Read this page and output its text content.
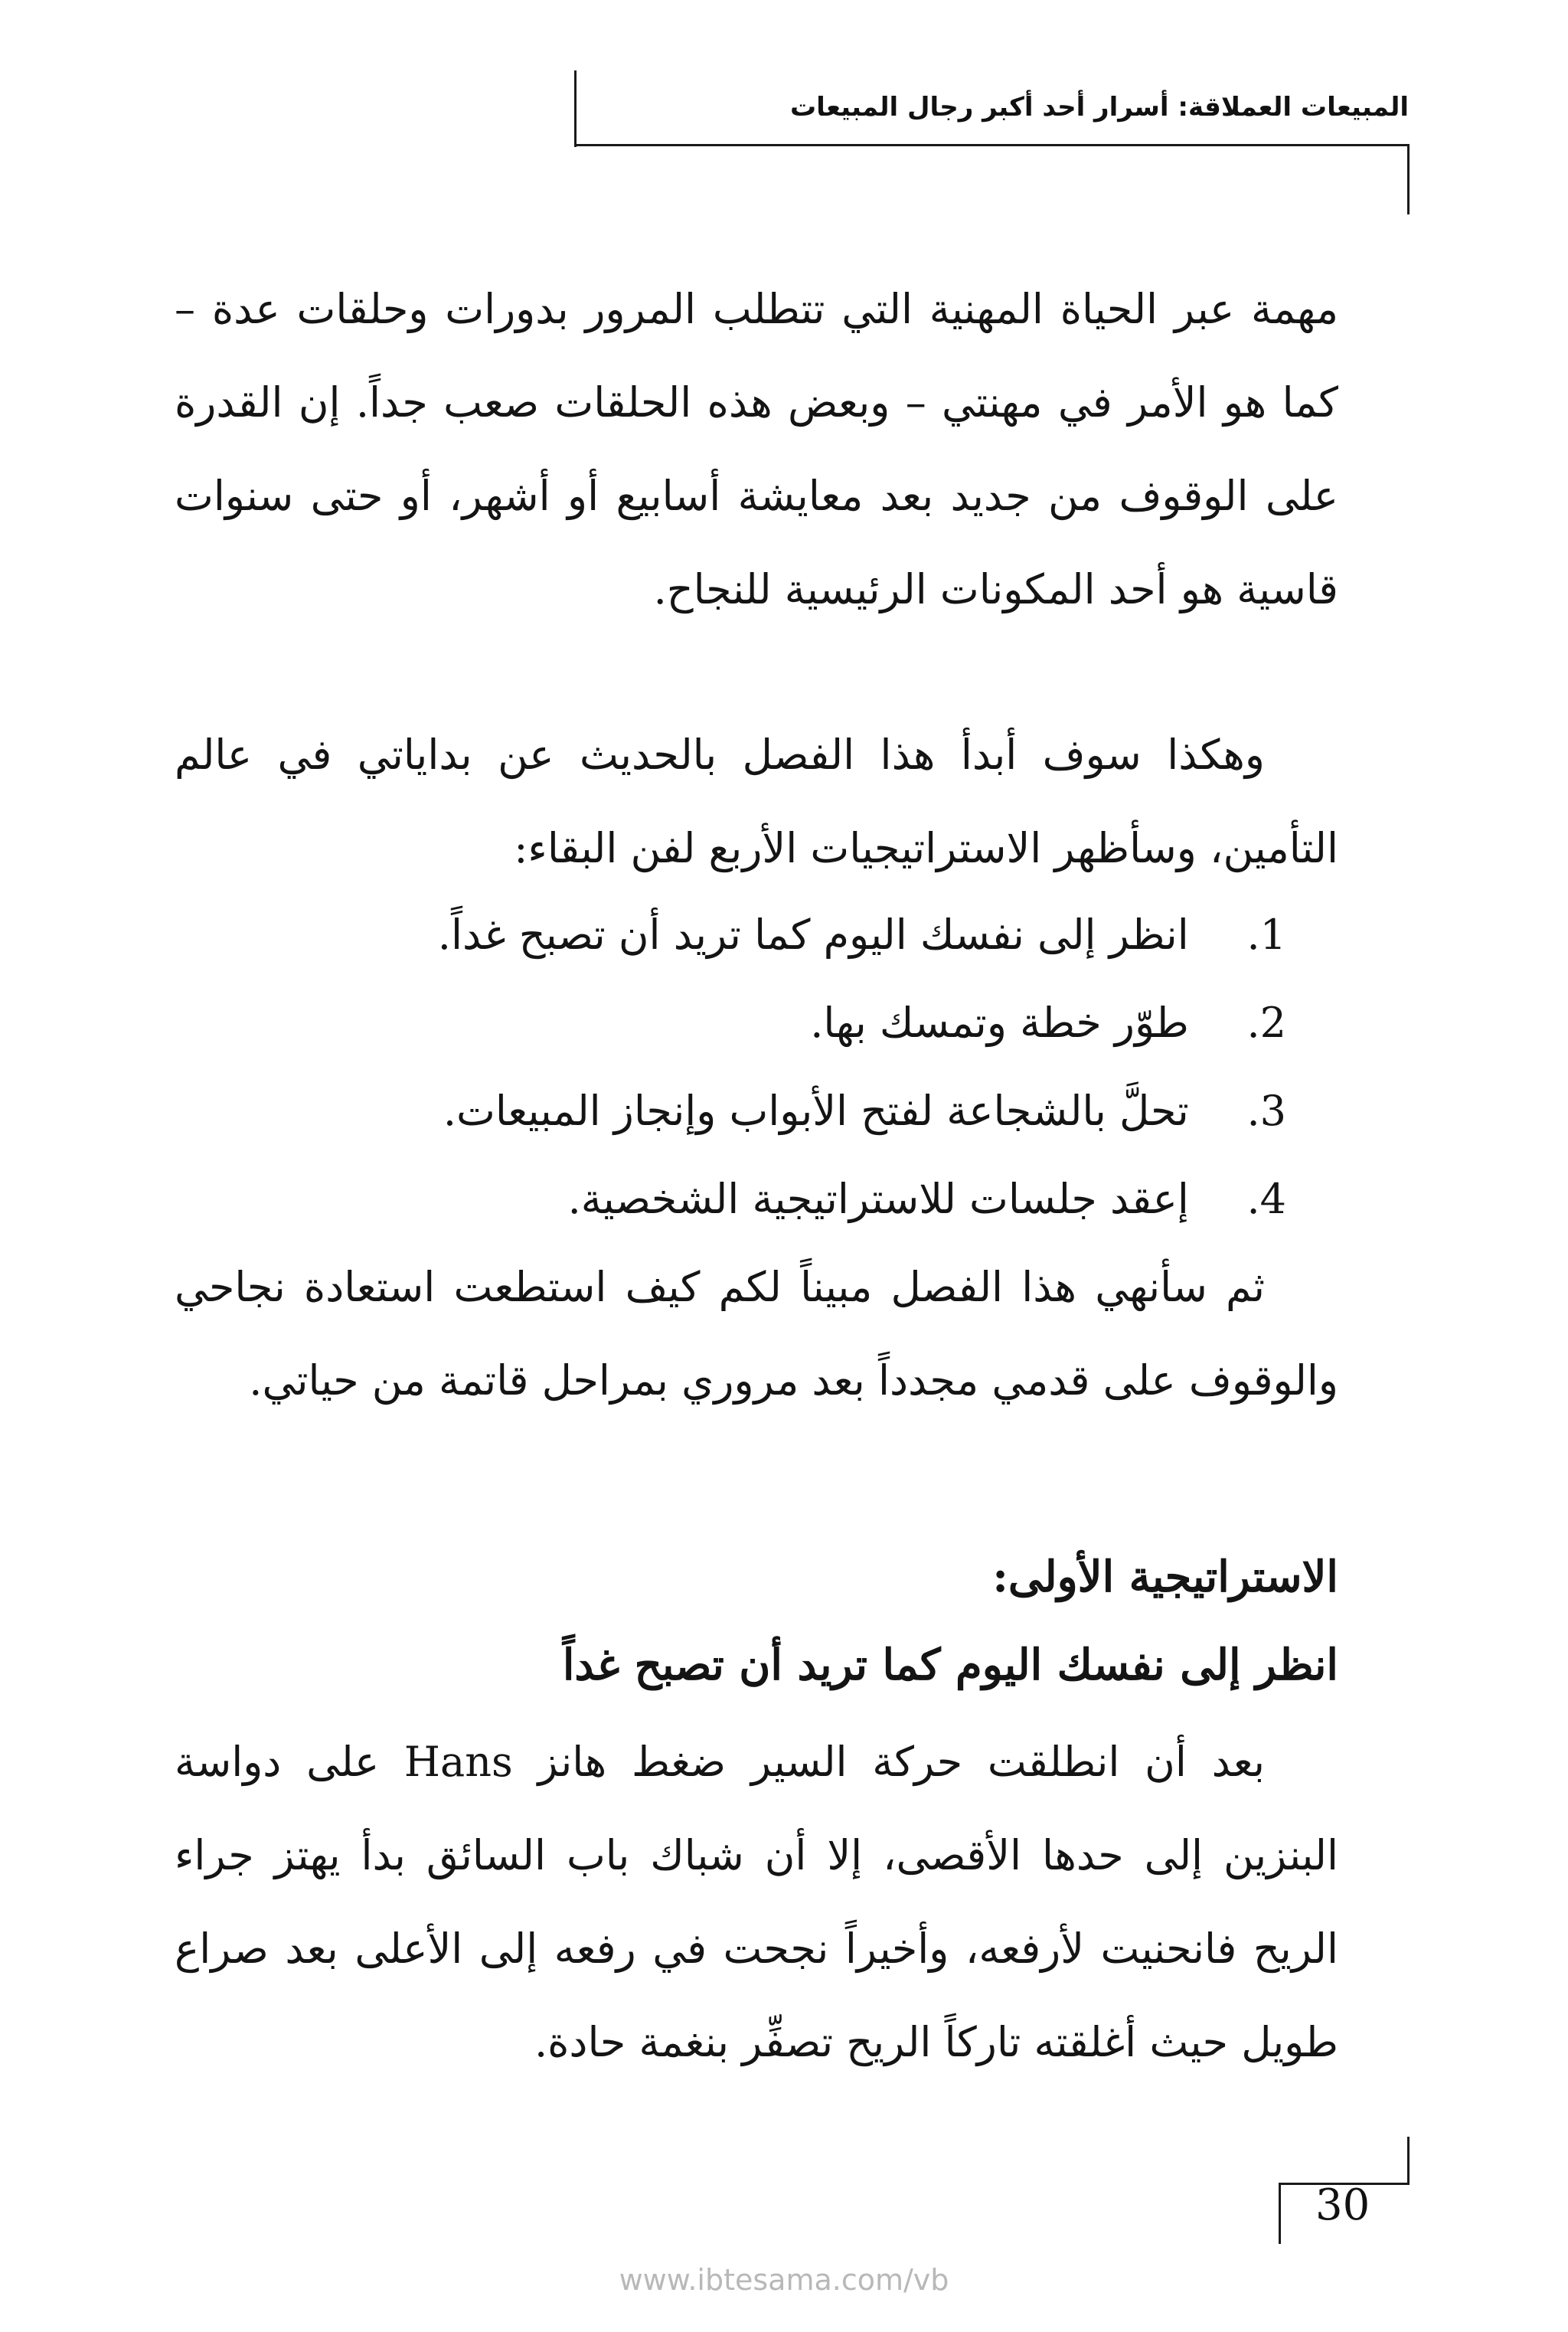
المبيعات العملاقة: أسرار أحد أكبر رجال المبيعات

مهمة عبر الحياة المهنية التي تتطلب المرور بدورات وحلقات عدة – كما هو الأمر في مهنتي – وبعض هذه الحلقات صعب جداً. إن القدرة على الوقوف من جديد بعد معايشة أسابيع أو أشهر، أو حتى سنوات قاسية هو أحد المكونات الرئيسية للنجاح.

وهكذا سوف أبدأ هذا الفصل بالحديث عن بداياتي في عالم التأمين، وسأظهر الاستراتيجيات الأربع لفن البقاء:

1. انظر إلى نفسك اليوم كما تريد أن تصبح غداً.
2. طوّر خطة وتمسك بها.
3. تحلَّ بالشجاعة لفتح الأبواب وإنجاز المبيعات.
4. إعقد جلسات للاستراتيجية الشخصية.

ثم سأنهي هذا الفصل مبيناً لكم كيف استطعت استعادة نجاحي والوقوف على قدمي مجدداً بعد مروري بمراحل قاتمة من حياتي.

الاستراتيجية الأولى:
انظر إلى نفسك اليوم كما تريد أن تصبح غداً

بعد أن انطلقت حركة السير ضغط هانز Hans على دواسة البنزين إلى حدها الأقصى، إلا أن شباك باب السائق بدأ يهتز جراء الريح فانحنيت لأرفعه، وأخيراً نجحت في رفعه إلى الأعلى بعد صراع طويل حيث أغلقته تاركاً الريح تصفِّر بنغمة حادة.

30
www.ibtesama.com/vb
